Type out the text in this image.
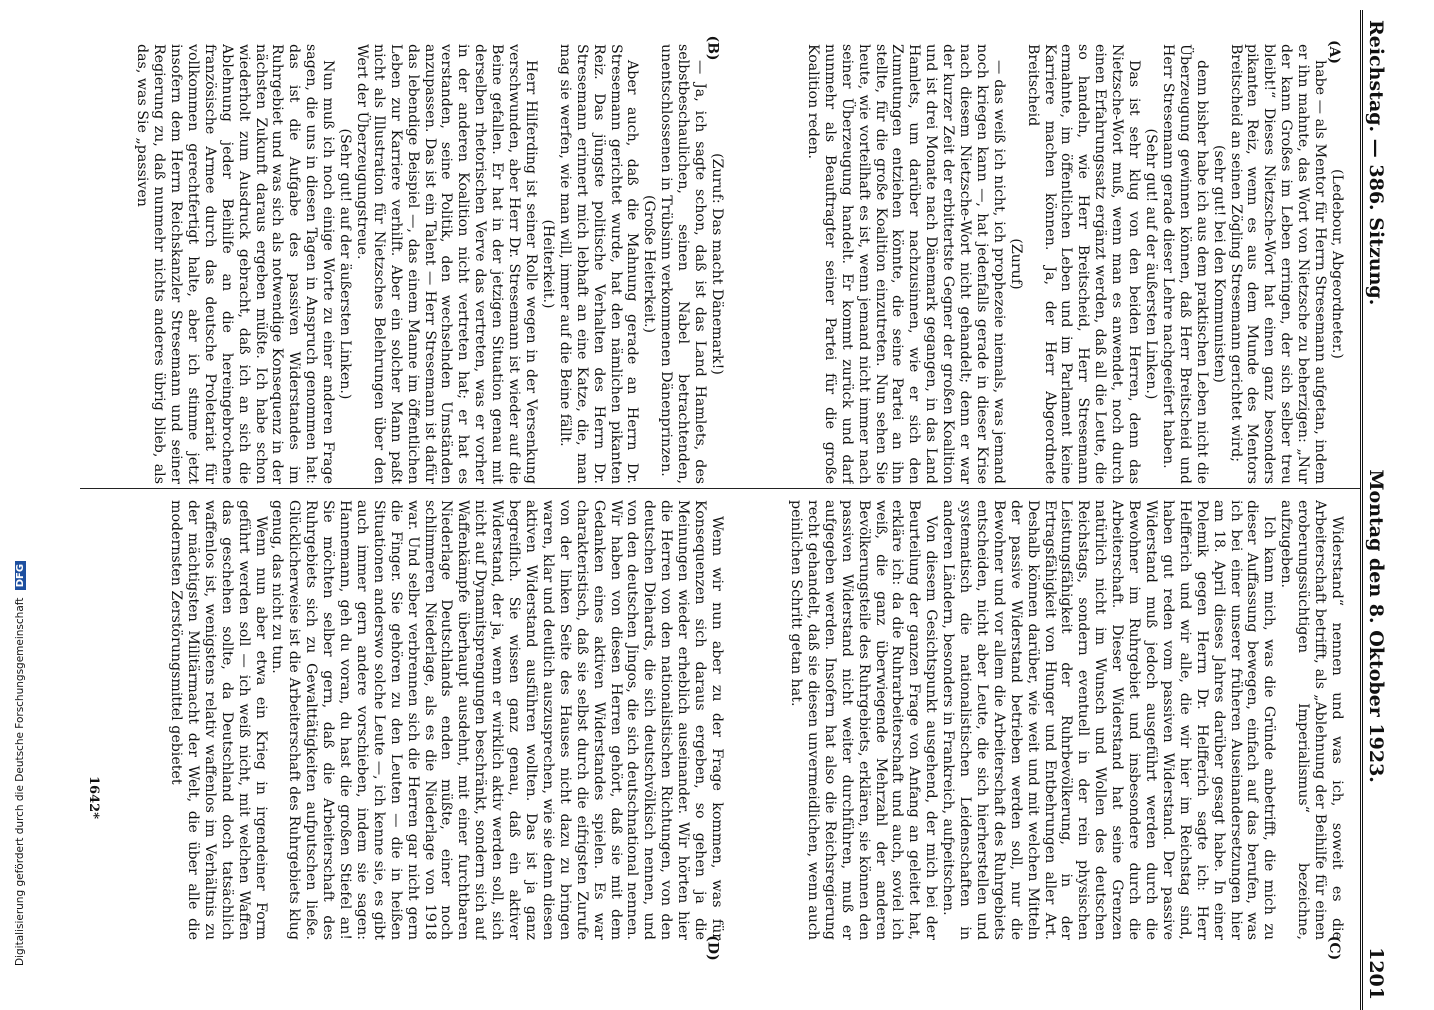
Reichstag. — 386. Sitzung.
Montag den 8. Oktober 1923.
1201

(Ledebour, Abgeordneter.)

habe — als Mentor für Herrn Stresemann aufgetan, indem er ihn mahnte, das Wort von Nietzsche zu beherzigen: „Nur der kann Großes im Leben erringen, der sich selber treu bleibt!“ Dieses Nietzsche-Wort hat einen ganz besonders pikanten Reiz, wenn es aus dem Munde des Mentors Breitscheid an seinen Zögling Stresemann gerichtet wird;

(sehr gut! bei den Kommunisten)

denn bisher habe ich aus dem praktischen Leben nicht die Überzeugung gewinnen können, daß Herr Breitscheid und Herr Stresemann gerade dieser Lehre nachgeeifert haben.

(Sehr gut! auf der äußersten Linken.)

Das ist sehr klug von den beiden Herren, denn das Nietzsche-Wort muß, wenn man es anwendet, noch durch einen Erfahrungssatz ergänzt werden, daß all die Leute, die so handeln, wie Herr Breitscheid, Herr Stresemann ermahnte, im öffentlichen Leben und im Parlament keine Karriere machen können. Ja, der Herr Abgeordnete Breitscheid

(Zuruf)

— das weiß ich nicht, ich prophezeie niemals, was jemand noch kriegen kann —, hat jedenfalls gerade in dieser Krise nach diesem Nietzsche-Wort nicht gehandelt; denn er war der kurzer Zeit der erbittertste Gegner der großen Koalition und ist drei Monate nach Dänemark gegangen, in das Land Hamlets, um darüber nachzusinnen, wie er sich den Zumutungen entziehen könnte, die seine Partei an ihn stellte, für die große Koalition einzutreten. Nun sehen Sie heute, wie vorteilhaft es ist, wenn jemand nicht immer nach seiner Überzeugung handelt. Er kommt zurück und darf nunmehr als Beauftragter seiner Partei für die große Koalition reden.

(Zuruf: Das macht Dänemark!)

— Ja, ich sagte schon, daß ist das Land Hamlets, des selbstbeschaulichen, seinen Nabel betrachtenden, unentschlossenen in Trübsinn verkommenen Dänenprinzen.

(Große Heiterkeit.)

Aber auch, daß die Mahnung gerade an Herrn Dr. Stresemann gerichtet wurde, hat den nämlichen pikanten Reiz. Das jüngste politische Verhalten des Herrn Dr. Stresemann erinnert mich lebhaft an eine Katze, die, man mag sie werfen, wie man will, immer auf die Beine fällt.

(Heiterkeit.)

Herr Hilferding ist seiner Rolle wegen in der Versenkung verschwunden, aber Herr Dr. Stresemann ist wieder auf die Beine gefallen. Er hat in der jetzigen Situation genau mit derselben rhetorischen Verve das vertreten, was er vorher in der anderen Koalition nicht vertreten hat; er hat es verstanden, seine Politik, den wechselnden Umständen anzupassen. Das ist ein Talent — Herr Stresemann ist dafür das lebendige Beispiel —, das einem Manne im öffentlichen Leben zur Karriere verhilft. Aber ein solcher Mann paßt nicht als Illustration für Nietzsches Belehrungen über den Wert der Überzeugungstreue.

(Sehr gut! auf der äußersten Linken.)

Nun muß ich noch einige Worte zu einer anderen Frage sagen, die uns in diesen Tagen in Anspruch genommen hat: das ist die Aufgabe des passiven Widerstandes im Ruhrgebiet und was sich als notwendige Konsequenz in der nächsten Zukunft daraus ergeben müßte. Ich habe schon wiederholt zum Ausdruck gebracht, daß ich an sich die Ablehnung jeder Beihilfe an die hereingebrochene französische Armee durch das deutsche Proletariat für vollkommen gerechtfertigt halte, aber ich stimme jetzt insofern dem Herrn Reichskanzler Stresemann und seiner Regierung zu, daß nunmehr nichts anderes übrig blieb, als das, was Sie „passiven

Widerstand“ nennen und was ich, soweit es die Arbeiterschaft betrifft, als „Ablehnung der Beihilfe für einen eroberungssüchtigen Imperialismus“ bezeichne, aufzugeben.

Ich kann mich, was die Gründe anbetrifft, die mich zu dieser Auffassung bewegen, einfach auf das berufen, was ich bei einer unserer früheren Auseinandersetzungen hier am 18. April dieses Jahres darüber gesagt habe. In einer Polemik gegen Herrn Dr. Helfferich sagte ich: Herr Helfferich und wir alle, die wir hier im Reichstag sind, haben gut reden vom passiven Widerstand. Der passive Widerstand muß jedoch ausgeführt werden durch die Bewohner im Ruhrgebiet und insbesondere durch die Arbeiterschaft. Dieser Widerstand hat seine Grenzen natürlich nicht im Wunsch und Wollen des deutschen Reichstags, sondern eventuell in der rein physischen Leistungsfähigkeit der Ruhrbevölkerung, in der Ertragsfähigkeit von Hunger und Entbehrungen aller Art. Deshalb können darüber, wie weit und mit welchen Mitteln der passive Widerstand betrieben werden soll, nur die Bewohner und vor allem die Arbeiterschaft des Ruhrgebiets entscheiden, nicht aber Leute, die sich hierherstellen und systematisch die nationalistischen Leidenschaften in anderen Ländern, besonders in Frankreich, aufpeitschen.

Von diesem Gesichtspunkt ausgehend, der mich bei der Beurteilung der ganzen Frage von Anfang an geleitet hat, erkläre ich: da die Ruhrarbeiterschaft und auch, soviel ich weiß, die ganz überwiegende Mehrzahl der anderen Bevölkerungsteile des Ruhrgebiets, erklären, sie können den passiven Widerstand nicht weiter durchführen, muß er aufgegeben werden. Insofern hat also die Reichsregierung recht gehandelt, daß sie diesen unvermeidlichen, wenn auch peinlichen Schritt getan hat.

Wenn wir nun aber zu der Frage kommen, was für Konsequenzen sich daraus ergeben, so gehen ja die Meinungen wieder erheblich auseinander. Wir hörten hier die Herren von den nationalistischen Richtungen, von den deutschen Diehards, die sich deutschvölkisch nennen, und von den deutschen Jingos, die sich deutschnational nennen. Wir haben von diesen Herren gehört, daß sie mit dem Gedanken eines aktiven Widerstandes spielen. Es war charakteristisch, daß sie selbst durch die eifrigsten Zurufe von der linken Seite des Hauses nicht dazu zu bringen waren, klar und deutlich auszusprechen, wie sie denn diesen aktiven Widerstand ausführen wollten. Das ist ja ganz begreiflich. Sie wissen ganz genau, daß ein aktiver Widerstand, der ja, wenn er wirklich aktiv werden soll, sich nicht auf Dynamitsprengungen beschränkt, sondern sich auf Waffenkämpfe überhaupt ausdehnt, mit einer furchtbaren Niederlage Deutschlands enden müßte, einer noch schlimmeren Niederlage, als es die Niederlage von 1918 war. Und selber verbrennen sich die Herren gar nicht gern die Finger. Sie gehören zu den Leuten — die in heißen Situationen anderswo solche Leute —, ich kenne sie, es gibt auch immer gern andere vorschieben, indem sie sagen: Hannemann, geh du voran, du hast die großen Stiefel an! Sie möchten selber gern, daß die Arbeiterschaft des Ruhrgebiets sich zu Gewalttätigkeiten aufputschen ließe. Glücklicherweise ist die Arbeiterschaft des Ruhrgebiets klug genug, das nicht zu tun.

Wenn nun aber etwa ein Krieg in irgendeiner Form geführt werden soll — ich weiß nicht, mit welchen Waffen das geschehen sollte, da Deutschland doch tatsächlich waffenlos ist, wenigstens relativ waffenlos im Verhältnis zu der mächtigsten Militärmacht der Welt, die über alle die modernsten Zerstörungsmittel gebietet

(A)
(B)
(C)
(D)
1642*
Digitalisierung gefördert durch die Deutsche Forschungsgemeinschaft DFG
